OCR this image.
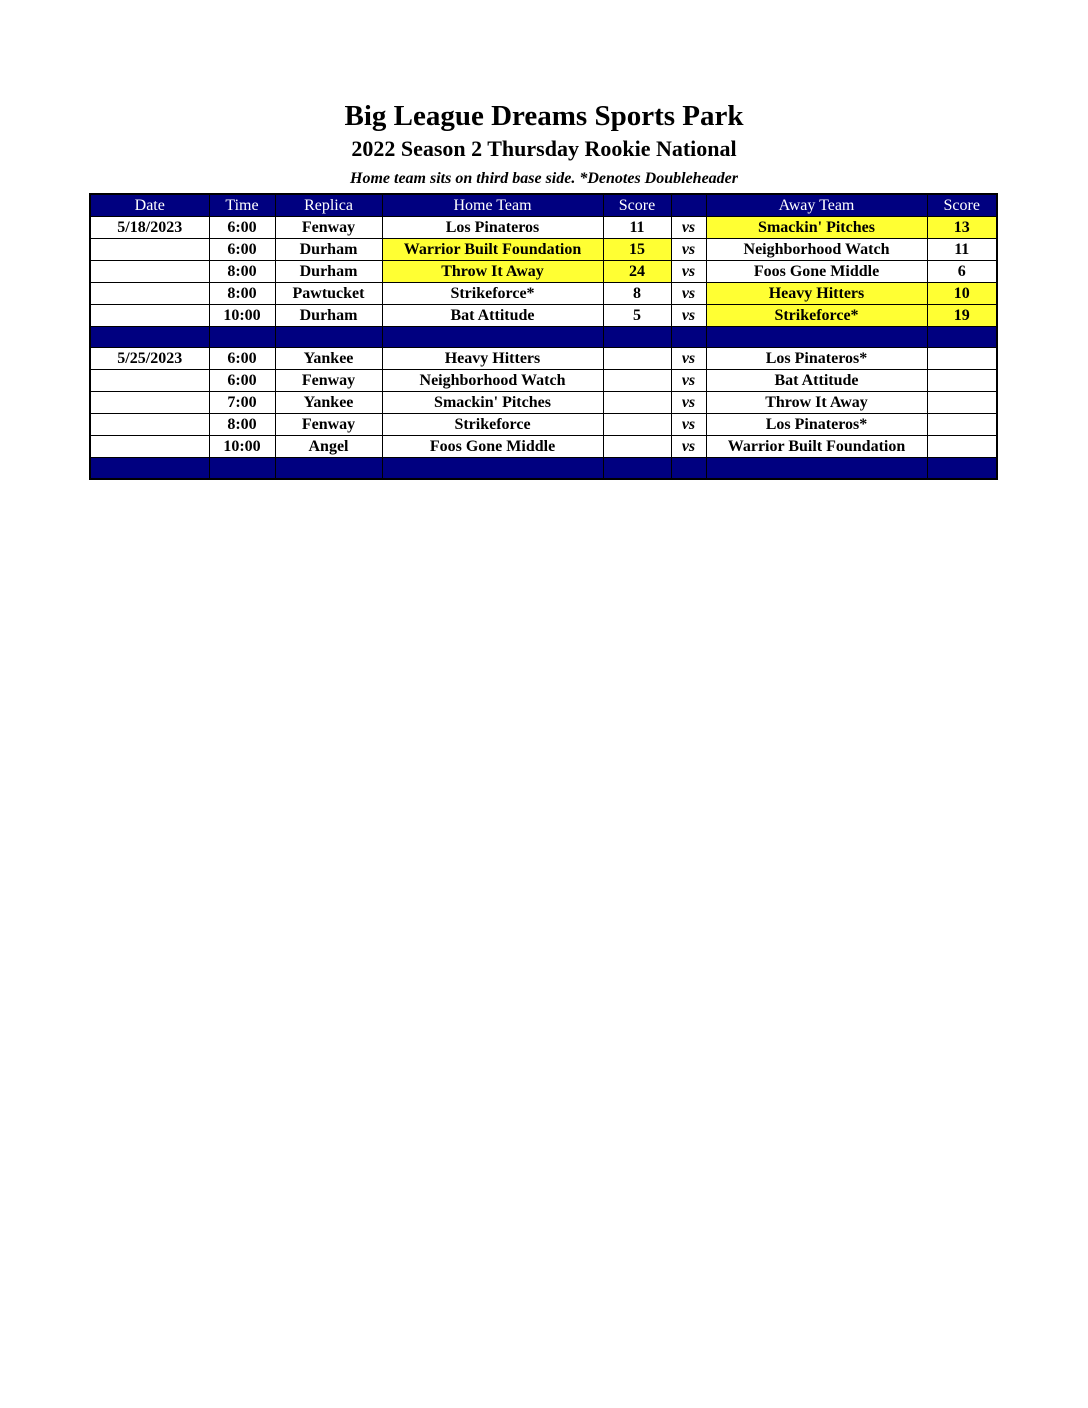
Big League Dreams Sports Park
2022 Season 2 Thursday Rookie National
Home team sits on third base side. *Denotes Doubleheader
Date	Time	Replica	Home Team	Score		Away Team	Score
5/18/2023	6:00	Fenway	Los Pinateros	11	vs	Smackin' Pitches	13
	6:00	Durham	Warrior Built Foundation	15	vs	Neighborhood Watch	11
	8:00	Durham	Throw It Away	24	vs	Foos Gone Middle	6
	8:00	Pawtucket	Strikeforce*	8	vs	Heavy Hitters	10
	10:00	Durham	Bat Attitude	5	vs	Strikeforce*	19

5/25/2023	6:00	Yankee	Heavy Hitters		vs	Los Pinateros*	
	6:00	Fenway	Neighborhood Watch		vs	Bat Attitude	
	7:00	Yankee	Smackin' Pitches		vs	Throw It Away	
	8:00	Fenway	Strikeforce		vs	Los Pinateros*	
	10:00	Angel	Foos Gone Middle		vs	Warrior Built Foundation	
